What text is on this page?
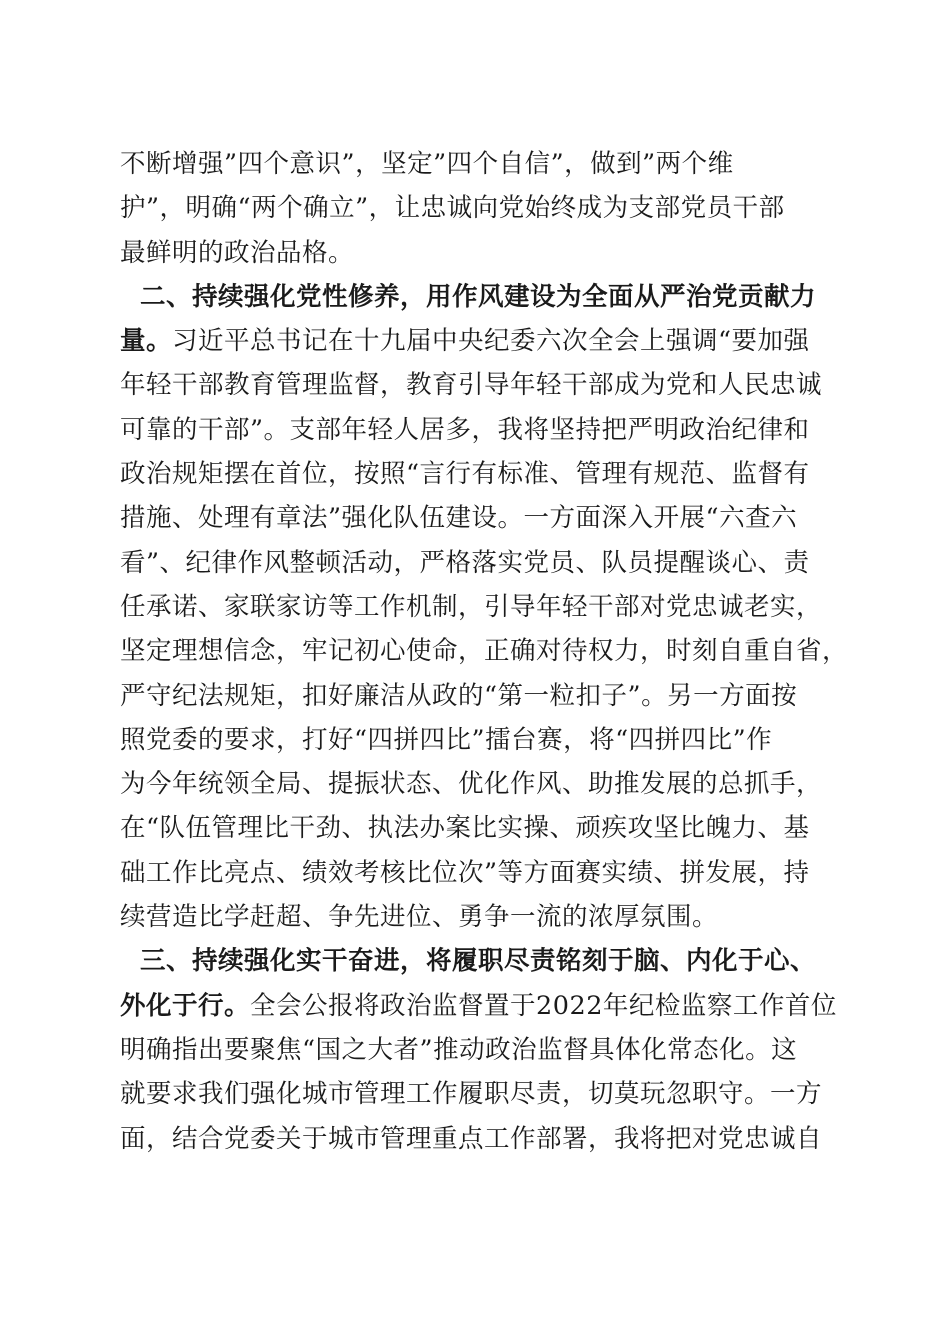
不断增强”四个意识”，坚定”四个自信”，做到”两个维
护”，明确“两个确立”，让忠诚向党始终成为支部党员干部
最鲜明的政治品格。
二、持续强化党性修养，用作风建设为全面从严治党贡献力
量。习近平总书记在十九届中央纪委六次全会上强调“要加强
年轻干部教育管理监督，教育引导年轻干部成为党和人民忠诚
可靠的干部”。支部年轻人居多，我将坚持把严明政治纪律和
政治规矩摆在首位，按照“言行有标准、管理有规范、监督有
措施、处理有章法”强化队伍建设。一方面深入开展“六查六
看”、纪律作风整顿活动，严格落实党员、队员提醒谈心、责
任承诺、家联家访等工作机制，引导年轻干部对党忠诚老实，
坚定理想信念，牢记初心使命，正确对待权力，时刻自重自省，
严守纪法规矩，扣好廉洁从政的“第一粒扣子”。另一方面按
照党委的要求，打好“四拼四比”擂台赛，将“四拼四比”作
为今年统领全局、提振状态、优化作风、助推发展的总抓手，
在“队伍管理比干劲、执法办案比实操、顽疾攻坚比魄力、基
础工作比亮点、绩效考核比位次”等方面赛实绩、拼发展，持
续营造比学赶超、争先进位、勇争一流的浓厚氛围。
三、持续强化实干奋进，将履职尽责铭刻于脑、内化于心、
外化于行。全会公报将政治监督置于2022年纪检监察工作首位
明确指出要聚焦“国之大者”推动政治监督具体化常态化。这
就要求我们强化城市管理工作履职尽责，切莫玩忽职守。一方
面，结合党委关于城市管理重点工作部署，我将把对党忠诚自
